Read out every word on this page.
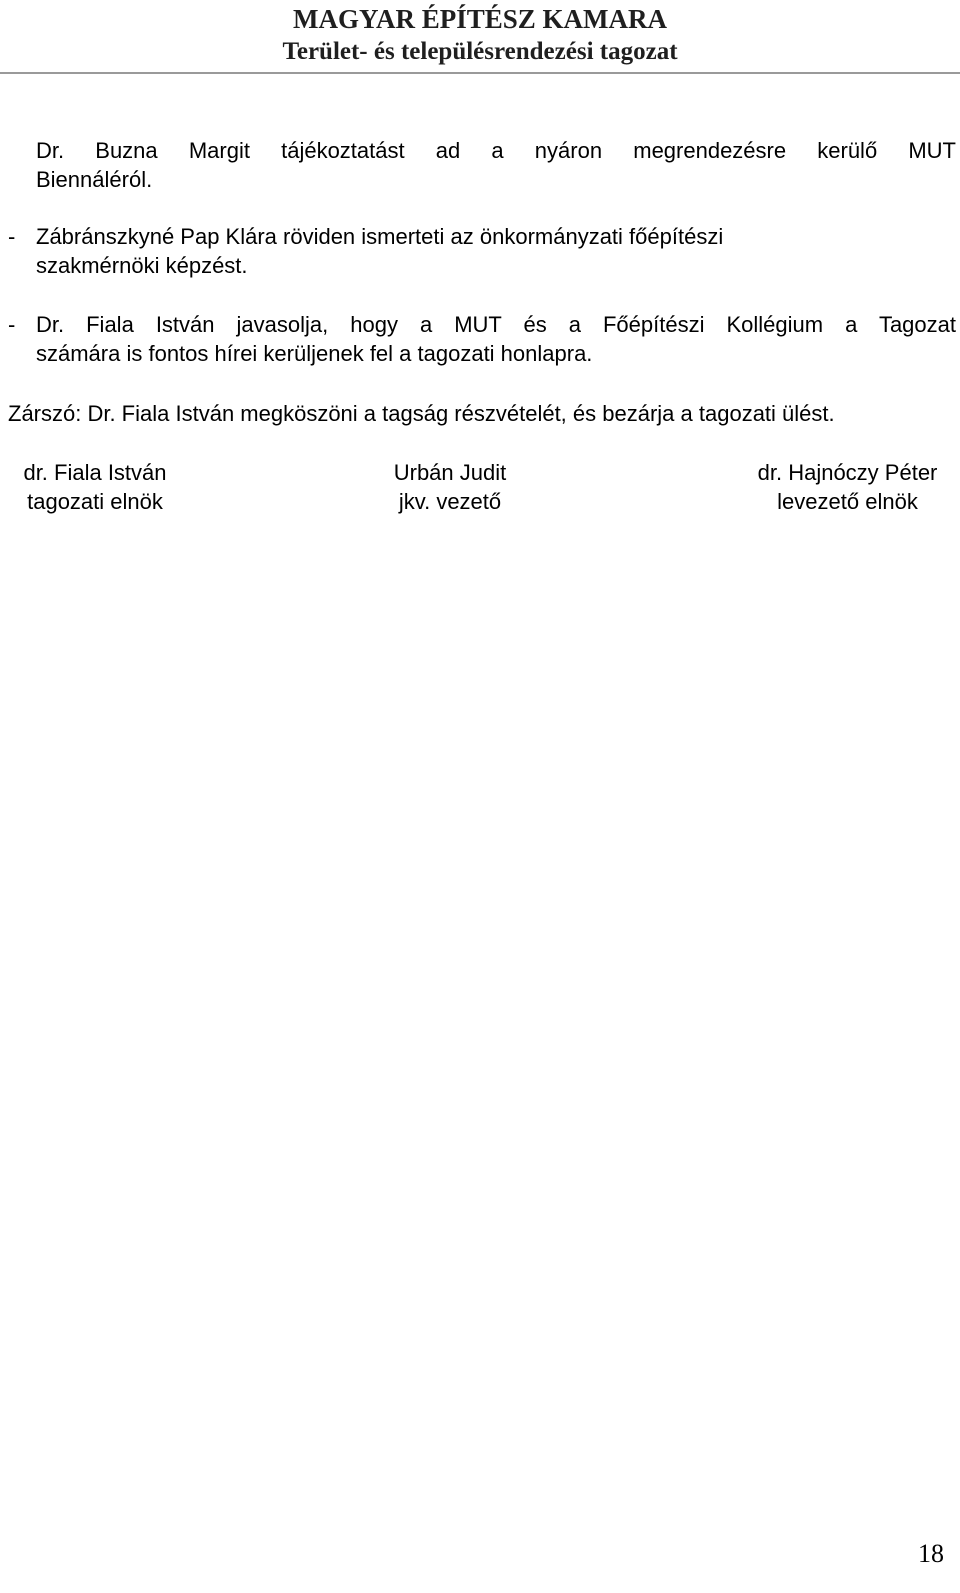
MAGYAR ÉPÍTÉSZ KAMARA
Terület- és településrendezési tagozat
Dr. Buzna Margit tájékoztatást ad a nyáron megrendezésre kerülő MUT
Biennáléról.
- Zábránszkyné Pap Klára röviden ismerteti az önkormányzati főépítészi
szakmérnöki képzést.
- Dr. Fiala István javasolja, hogy a MUT és a Főépítészi Kollégium a Tagozat
számára is fontos hírei kerüljenek fel a tagozati honlapra.
Zárszó: Dr. Fiala István megköszöni a tagság részvételét, és bezárja a tagozati ülést.
dr. Fiala István
tagozati elnök
Urbán Judit
jkv. vezető
dr. Hajnóczy Péter
levezető elnök
18
